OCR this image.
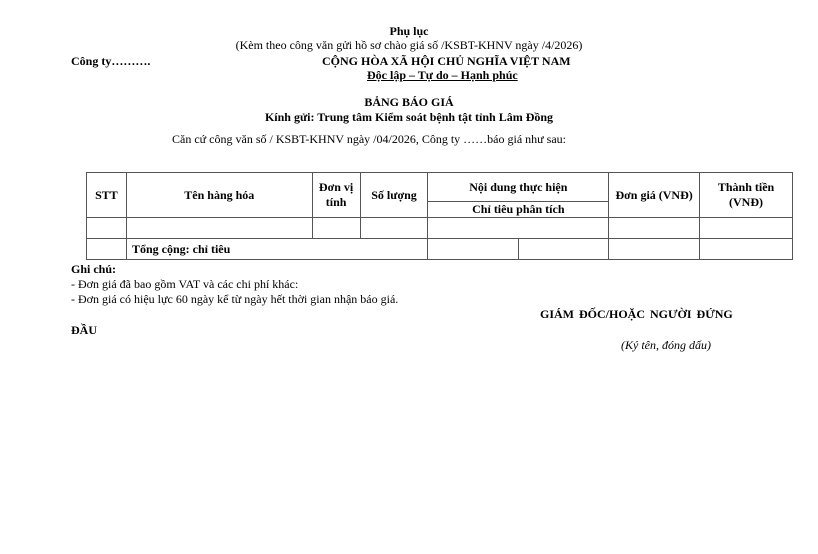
Phụ lục
(Kèm theo công văn gửi hồ sơ chào giá số /KSBT-KHNV ngày /4/2026)
Công ty……….	CỘNG HÒA XÃ HỘI CHỦ NGHĨA VIỆT NAM
Độc lập – Tự do – Hạnh phúc
BẢNG BÁO GIÁ
Kính gửi: Trung tâm Kiểm soát bệnh tật tỉnh Lâm Đồng
Căn cứ công văn số / KSBT-KHNV ngày /04/2026, Công ty ……báo giá như sau:
STT	Tên hàng hóa	Đơn vị tính	Số lượng	Nội dung thực hiện		Đơn giá (VNĐ)	Thành tiền (VNĐ)
				Chỉ tiêu phân tích			

	Tổng cộng: chỉ tiêu						
Ghi chú:
- Đơn giá đã bao gồm VAT và các chi phí khác:
- Đơn giá có hiệu lực 60 ngày kể từ ngày hết thời gian nhận báo giá.
GIÁM ĐỐC/HOẶC NGƯỜI ĐỨNG
ĐẦU
(Ký tên, đóng dấu)
